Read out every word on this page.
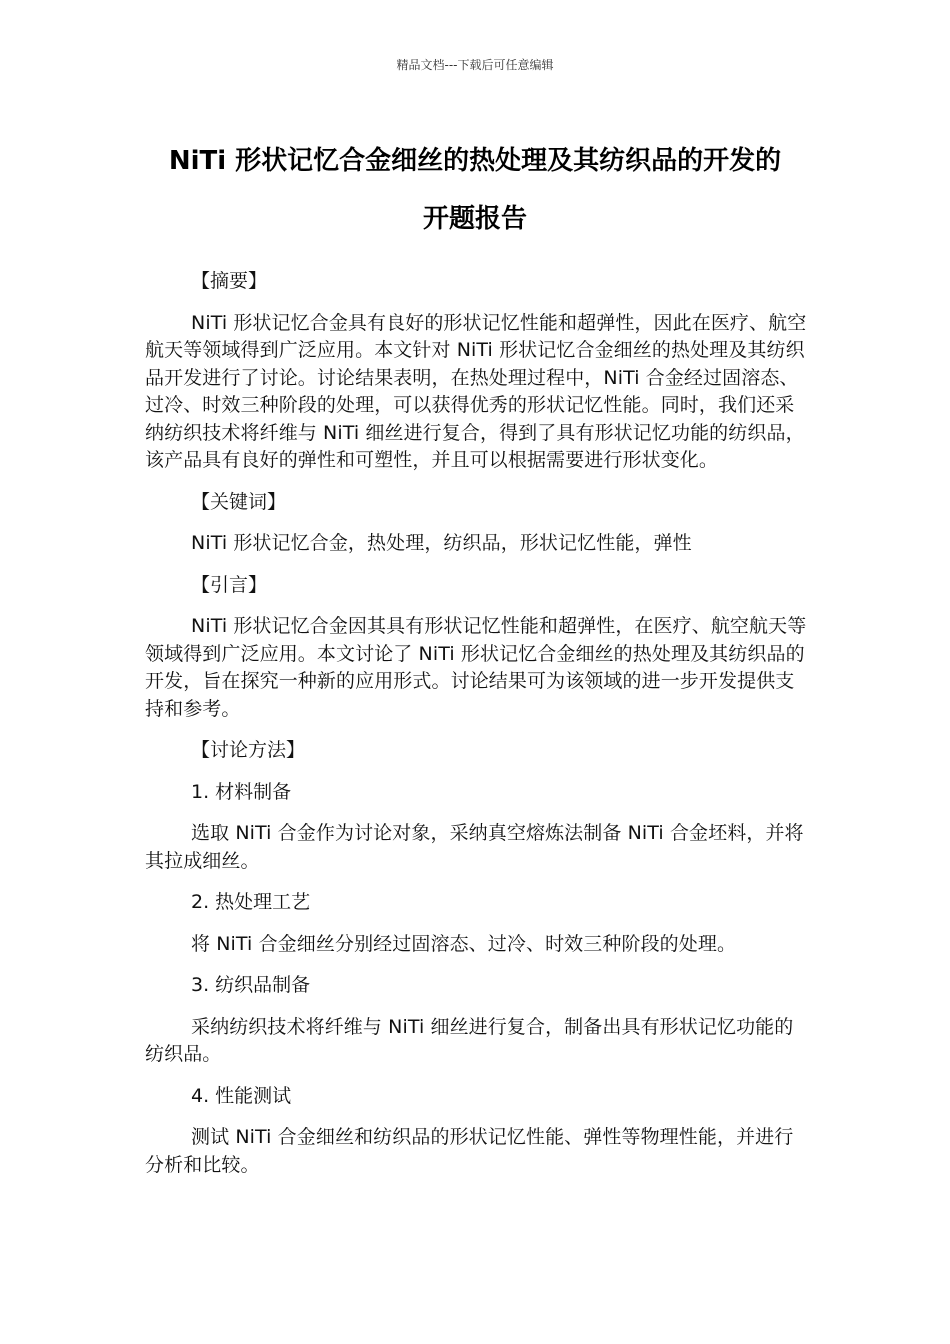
精品文档---下载后可任意编辑
NiTi 形状记忆合金细丝的热处理及其纺织品的开发的
开题报告
【摘要】
NiTi 形状记忆合金具有良好的形状记忆性能和超弹性，因此在医疗、航空航天等领域得到广泛应用。本文针对 NiTi 形状记忆合金细丝的热处理及其纺织品开发进行了讨论。讨论结果表明，在热处理过程中，NiTi 合金经过固溶态、过冷、时效三种阶段的处理，可以获得优秀的形状记忆性能。同时，我们还采纳纺织技术将纤维与 NiTi 细丝进行复合，得到了具有形状记忆功能的纺织品，该产品具有良好的弹性和可塑性，并且可以根据需要进行形状变化。
【关键词】
NiTi 形状记忆合金，热处理，纺织品，形状记忆性能，弹性
【引言】
NiTi 形状记忆合金因其具有形状记忆性能和超弹性，在医疗、航空航天等领域得到广泛应用。本文讨论了 NiTi 形状记忆合金细丝的热处理及其纺织品的开发，旨在探究一种新的应用形式。讨论结果可为该领域的进一步开发提供支持和参考。
【讨论方法】
1. 材料制备
选取 NiTi 合金作为讨论对象，采纳真空熔炼法制备 NiTi 合金坯料，并将其拉成细丝。
2. 热处理工艺
将 NiTi 合金细丝分别经过固溶态、过冷、时效三种阶段的处理。
3. 纺织品制备
采纳纺织技术将纤维与 NiTi 细丝进行复合，制备出具有形状记忆功能的纺织品。
4. 性能测试
测试 NiTi 合金细丝和纺织品的形状记忆性能、弹性等物理性能，并进行分析和比较。
